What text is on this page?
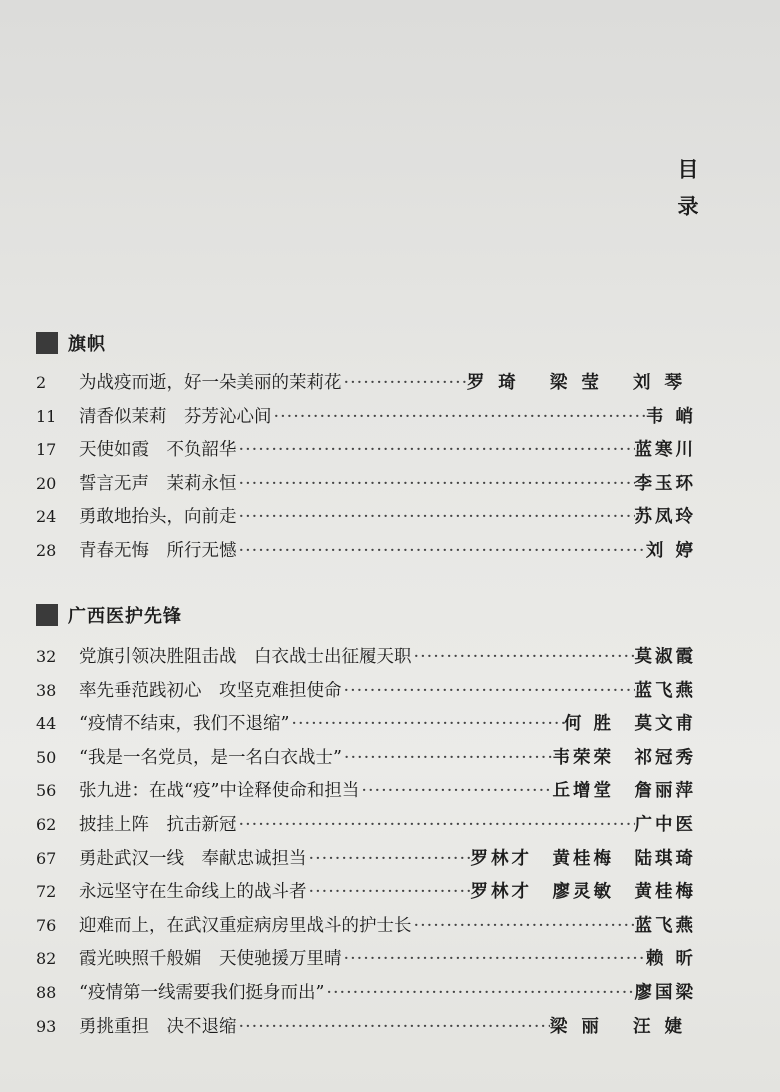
目录
旗帜
2	为战疫而逝，好一朵美丽的茉莉花 ·····	罗琦 梁莹 刘琴
11	清香似茉莉　芬芳沁心间 ·····	韦 峭
17	天使如霞　不负韶华 ·····	蓝寒川
20	誓言无声　茉莉永恒 ·····	李玉环
24	勇敢地抬头，向前走 ·····	苏凤玲
28	青春无悔　所行无憾 ·····	刘 婷
广西医护先锋
32	党旗引领决胜阻击战　白衣战士出征履天职 ·····	莫淑霞
38	率先垂范践初心　攻坚克难担使命 ·····	蓝飞燕
44	“疫情不结束，我们不退缩” ·····	何 胜　莫文甫
50	“我是一名党员，是一名白衣战士” ·····	韦荣荣　祁冠秀
56	张九进：在战“疫”中诠释使命和担当 ·····	丘增堂　詹丽萍
62	披挂上阵　抗击新冠 ·····	广中医
67	勇赴武汉一线　奉献忠诚担当 ·····	罗林才　黄桂梅　陆琪琦
72	永远坚守在生命线上的战斗者 ·····	罗林才　廖灵敏　黄桂梅
76	迎难而上，在武汉重症病房里战斗的护士长 ·····	蓝飞燕
82	霞光映照千般媚　天使驰援万里晴 ·····	赖 昕
88	“疫情第一线需要我们挺身而出” ·····	廖国梁
93	勇挑重担　决不退缩 ·····	梁丽 汪婕
